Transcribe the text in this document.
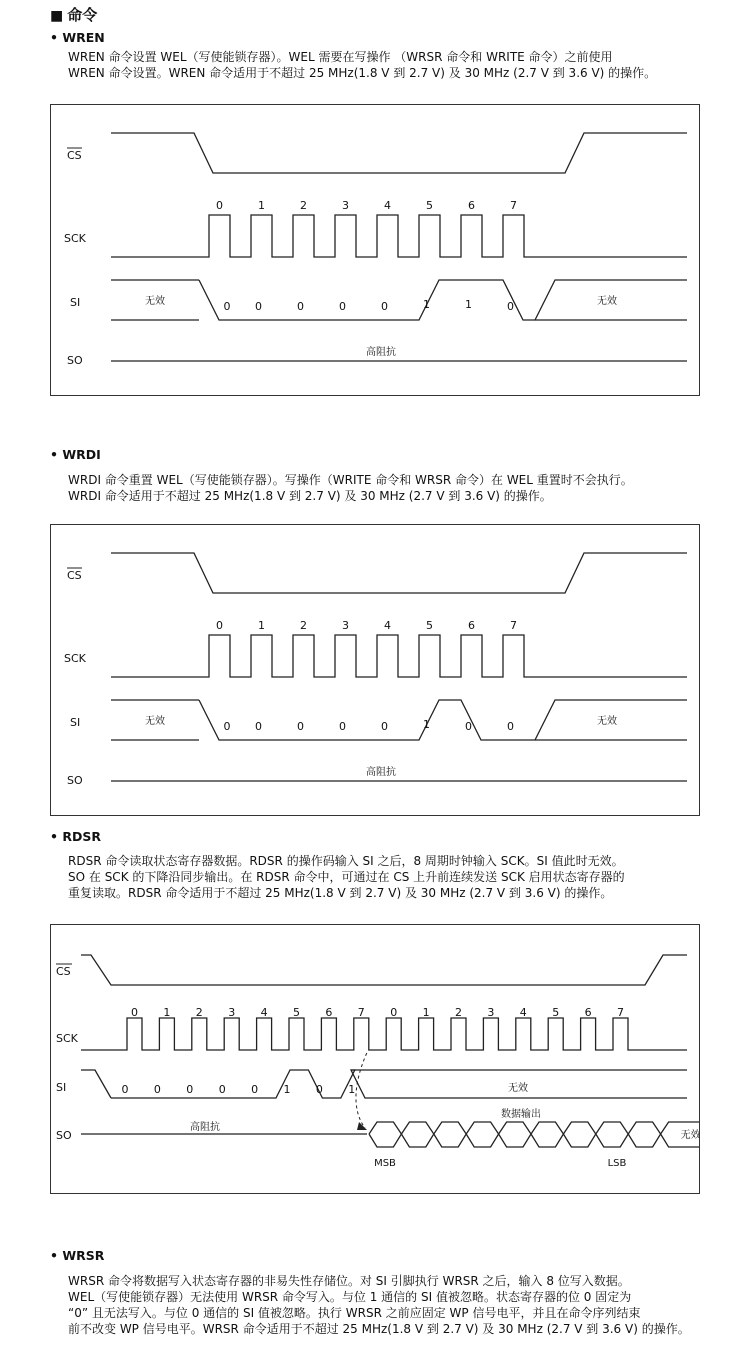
■ 命令
• WREN
WREN 命令设置 WEL（写使能锁存器）。WEL 需要在写操作 （WRSR 命令和 WRITE 命令）之前使用
WREN 命令设置。WREN 命令适用于不超过 25 MHz(1.8 V 到 2.7 V) 及 30 MHz (2.7 V 到 3.6 V) 的操作。
CS
SCK
SI
SO
0	1	2	3	4	5	6	7
无效	无效
0 0	0	0	0	1	1	0
高阻抗
• WRDI
WRDI 命令重置 WEL（写使能锁存器）。写操作（WRITE 命令和 WRSR 命令）在 WEL 重置时不会执行。
WRDI 命令适用于不超过 25 MHz(1.8 V 到 2.7 V) 及 30 MHz (2.7 V 到 3.6 V) 的操作。
CS
SCK
SI
SO
0	1	2	3	4	5	6	7
无效	无效
0 0	0	0	0	1	0	0
高阻抗
• RDSR
RDSR 命令读取状态寄存器数据。RDSR 的操作码输入 SI 之后，8 周期时钟输入 SCK。SI 值此时无效。
SO 在 SCK 的下降沿同步输出。在 RDSR 命令中，可通过在 CS 上升前连续发送 SCK 启用状态寄存器的
重复读取。RDSR 命令适用于不超过 25 MHz(1.8 V 到 2.7 V) 及 30 MHz (2.7 V 到 3.6 V) 的操作。
CS
SCK
SI
SO
0 1 2 3 4 5 6 7 0 1 2 3 4 5 6 7
无效
0 0 0 0 0 1 0 1
高阻抗
无效
数据输出
MSB	LSB
• WRSR
WRSR 命令将数据写入状态寄存器的非易失性存储位。对 SI 引脚执行 WRSR 之后，输入 8 位写入数据。
WEL（写使能锁存器）无法使用 WRSR 命令写入。与位 1 通信的 SI 值被忽略。状态寄存器的位 0 固定为
“0” 且无法写入。与位 0 通信的 SI 值被忽略。执行 WRSR 之前应固定 WP 信号电平，并且在命令序列结束
前不改变 WP 信号电平。WRSR 命令适用于不超过 25 MHz(1.8 V 到 2.7 V) 及 30 MHz (2.7 V 到 3.6 V) 的操作。
